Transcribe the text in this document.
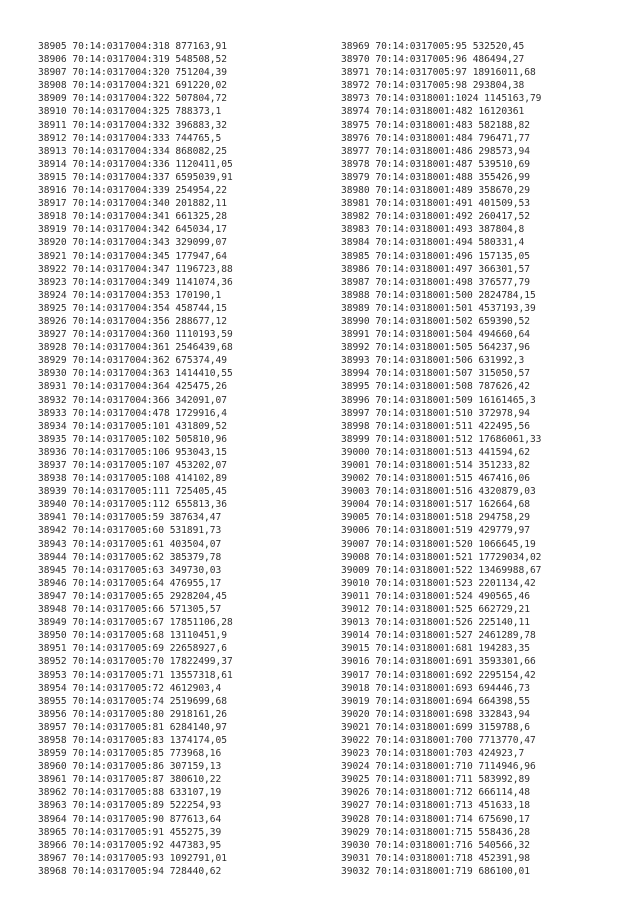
38905 70:14:0317004:318 877163,91
38906 70:14:0317004:319 548508,52
38907 70:14:0317004:320 751204,39
38908 70:14:0317004:321 691220,02
38909 70:14:0317004:322 507804,72
38910 70:14:0317004:325 788373,1
38911 70:14:0317004:332 396883,32
38912 70:14:0317004:333 744765,5
38913 70:14:0317004:334 868082,25
38914 70:14:0317004:336 1120411,05
38915 70:14:0317004:337 6595039,91
38916 70:14:0317004:339 254954,22
38917 70:14:0317004:340 201882,11
38918 70:14:0317004:341 661325,28
38919 70:14:0317004:342 645034,17
38920 70:14:0317004:343 329099,07
38921 70:14:0317004:345 177947,64
38922 70:14:0317004:347 1196723,88
38923 70:14:0317004:349 1141074,36
38924 70:14:0317004:353 170190,1
38925 70:14:0317004:354 458744,15
38926 70:14:0317004:356 288677,12
38927 70:14:0317004:360 1110193,59
38928 70:14:0317004:361 2546439,68
38929 70:14:0317004:362 675374,49
38930 70:14:0317004:363 1414410,55
38931 70:14:0317004:364 425475,26
38932 70:14:0317004:366 342091,07
38933 70:14:0317004:478 1729916,4
38934 70:14:0317005:101 431809,52
38935 70:14:0317005:102 505810,96
38936 70:14:0317005:106 953043,15
38937 70:14:0317005:107 453202,07
38938 70:14:0317005:108 414102,89
38939 70:14:0317005:111 725405,45
38940 70:14:0317005:112 655813,36
38941 70:14:0317005:59 387634,47
38942 70:14:0317005:60 531891,73
38943 70:14:0317005:61 403504,07
38944 70:14:0317005:62 385379,78
38945 70:14:0317005:63 349730,03
38946 70:14:0317005:64 476955,17
38947 70:14:0317005:65 2928204,45
38948 70:14:0317005:66 571305,57
38949 70:14:0317005:67 17851106,28
38950 70:14:0317005:68 13110451,9
38951 70:14:0317005:69 22658927,6
38952 70:14:0317005:70 17822499,37
38953 70:14:0317005:71 13557318,61
38954 70:14:0317005:72 4612903,4
38955 70:14:0317005:74 2519699,68
38956 70:14:0317005:80 2918161,26
38957 70:14:0317005:81 6284140,97
38958 70:14:0317005:83 1374174,05
38959 70:14:0317005:85 773968,16
38960 70:14:0317005:86 307159,13
38961 70:14:0317005:87 380610,22
38962 70:14:0317005:88 633107,19
38963 70:14:0317005:89 522254,93
38964 70:14:0317005:90 877613,64
38965 70:14:0317005:91 455275,39
38966 70:14:0317005:92 447383,95
38967 70:14:0317005:93 1092791,01
38968 70:14:0317005:94 728440,62
38969 70:14:0317005:95 532520,45
38970 70:14:0317005:96 486494,27
38971 70:14:0317005:97 18916011,68
38972 70:14:0317005:98 293804,38
38973 70:14:0318001:1024 1145163,79
38974 70:14:0318001:482 16120361
38975 70:14:0318001:483 582188,82
38976 70:14:0318001:484 796471,77
38977 70:14:0318001:486 298573,94
38978 70:14:0318001:487 539510,69
38979 70:14:0318001:488 355426,99
38980 70:14:0318001:489 358670,29
38981 70:14:0318001:491 401509,53
38982 70:14:0318001:492 260417,52
38983 70:14:0318001:493 387804,8
38984 70:14:0318001:494 580331,4
38985 70:14:0318001:496 157135,05
38986 70:14:0318001:497 366301,57
38987 70:14:0318001:498 376577,79
38988 70:14:0318001:500 2824784,15
38989 70:14:0318001:501 4537193,39
38990 70:14:0318001:502 659390,52
38991 70:14:0318001:504 494660,64
38992 70:14:0318001:505 564237,96
38993 70:14:0318001:506 631992,3
38994 70:14:0318001:507 315050,57
38995 70:14:0318001:508 787626,42
38996 70:14:0318001:509 16161465,3
38997 70:14:0318001:510 372978,94
38998 70:14:0318001:511 422495,56
38999 70:14:0318001:512 17686061,33
39000 70:14:0318001:513 441594,62
39001 70:14:0318001:514 351233,82
39002 70:14:0318001:515 467416,06
39003 70:14:0318001:516 4320879,03
39004 70:14:0318001:517 162664,68
39005 70:14:0318001:518 294758,29
39006 70:14:0318001:519 429779,97
39007 70:14:0318001:520 1066645,19
39008 70:14:0318001:521 17729034,02
39009 70:14:0318001:522 13469988,67
39010 70:14:0318001:523 2201134,42
39011 70:14:0318001:524 490565,46
39012 70:14:0318001:525 662729,21
39013 70:14:0318001:526 225140,11
39014 70:14:0318001:527 2461289,78
39015 70:14:0318001:681 194283,35
39016 70:14:0318001:691 3593301,66
39017 70:14:0318001:692 2295154,42
39018 70:14:0318001:693 694446,73
39019 70:14:0318001:694 664398,55
39020 70:14:0318001:698 332843,94
39021 70:14:0318001:699 3159788,6
39022 70:14:0318001:700 7713770,47
39023 70:14:0318001:703 424923,7
39024 70:14:0318001:710 7114946,96
39025 70:14:0318001:711 583992,89
39026 70:14:0318001:712 666114,48
39027 70:14:0318001:713 451633,18
39028 70:14:0318001:714 675690,17
39029 70:14:0318001:715 558436,28
39030 70:14:0318001:716 540566,32
39031 70:14:0318001:718 452391,98
39032 70:14:0318001:719 686100,01
